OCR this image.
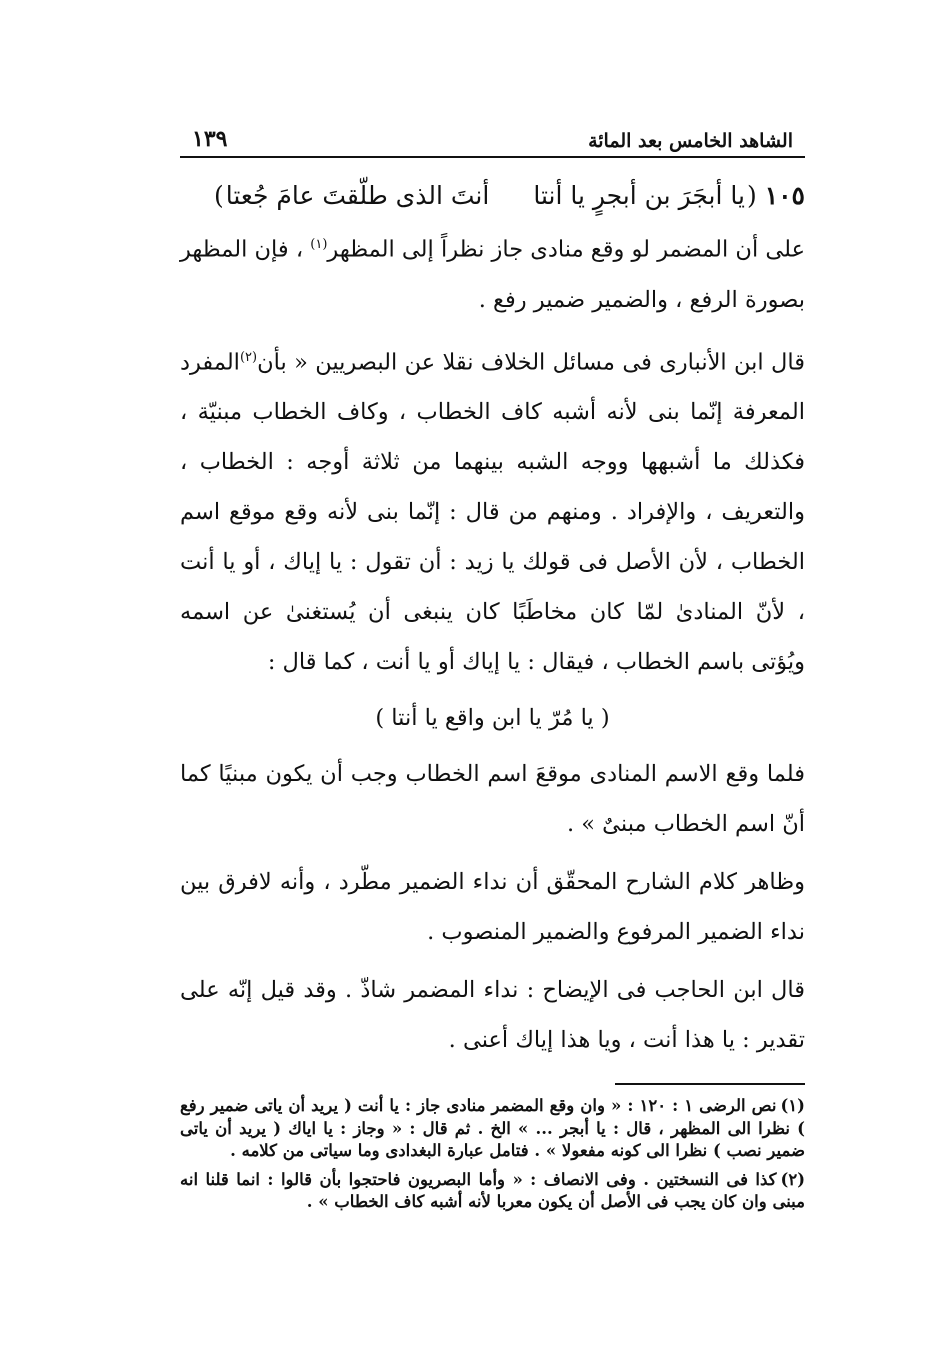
الشاهد الخامس بعد المائة
١٣٩
١٠٥(يا أبجَرَ بن أبجرٍ يا أنتاأنتَ الذى طلّقتَ عامَ جُعتا)

على أن المضمر لو وقع منادى جاز نظراً إلى المظهر$^{(١)}$ ، فإن المظهر بصورة الرفع ، والضمير ضمير رفع .

قال ابن الأنبارى فى مسائل الخلاف نقلا عن البصريين « بأن$^{(٢)}$المفرد المعرفة إنّما بنى لأنه أشبه كاف الخطاب ، وكاف الخطاب مبنيّة ، فكذلك ما أشبهها ووجه الشبه بينهما من ثلاثة أوجه : الخطاب ، والتعريف ، والإفراد . ومنهم من قال : إنّما بنى لأنه وقع موقع اسم الخطاب ، لأن الأصل فى قولك يا زيد : أن تقول : يا إياك ، أو يا أنت ، لأنّ المنادىٰ لمّا كان مخاطَبًا كان ينبغى أن يُستغنىٰ عن اسمه ويُؤتى باسم الخطاب ، فيقال : يا إياك أو يا أنت ، كما قال :

( يا مُرّ يا ابن واقع يا أنتا )

فلما وقع الاسم المنادى موقعَ اسم الخطاب وجب أن يكون مبنيًا كما أنّ اسم الخطاب مبنىٌ » .

وظاهر كلام الشارح المحقّق أن نداء الضمير مطّرد ، وأنه لافرق بين نداء الضمير المرفوع والضمير المنصوب .

قال ابن الحاجب فى الإيضاح : نداء المضمر شاذّ . وقد قيل إنّه على تقدير : يا هذا أنت ، ويا هذا إياك أعنى .

(١)نص الرضى ١ : ١٢٠ : « وان وقع المضمر منادى جاز : يا أنت ( يريد أن ياتى ضمير رفع ) نظرا الى المظهر ، قال : يا أبجر ... » الخ . ثم قال : « وجاز : يا اياك ( يريد أن ياتى ضمير نصب ) نظرا الى كونه مفعولا » . فتامل عبارة البغدادى وما سياتى من كلامه .

(٢)كذا فى النسختين . وفى الانصاف : « وأما البصريون فاحتجوا بأن قالوا : انما قلنا انه مبنى وان كان يجب فى الأصل أن يكون معربا لأنه أشبه كاف الخطاب » .
